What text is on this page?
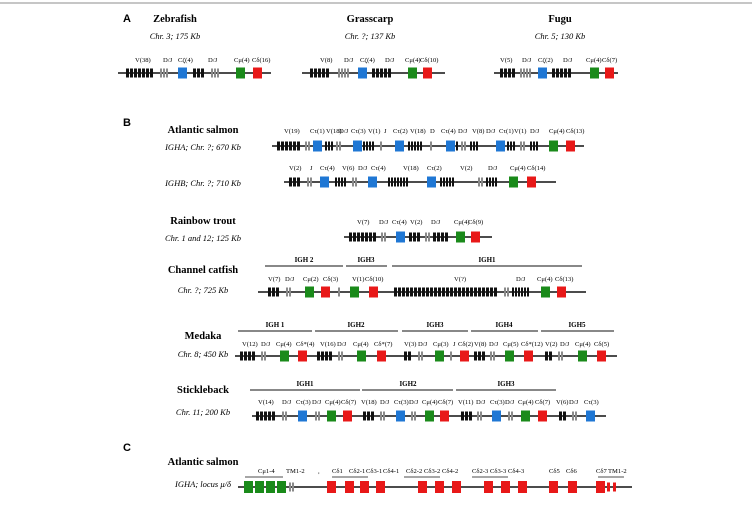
A
B
C
Zebrafish
Chr. 3; 175 Kb
V(38) D/J Cζ(4) D/J	Cμ(4) Cδ(16)
Grasscarp
Chr. ?; 137 Kb
V(8) D/J Cζ(4) D/J Cμ(4) Cδ(10)
Fugu
Chr. 5; 130 Kb
V(5) D/J Cζ(2) D/J Cμ(4) Cδ(7)
Atlantic salmon
IGHA; Chr. ?; 670 Kb
IGHB; Chr. ?; 710 Kb
V(19) Cτ(1) V(18)
D/J Cτ(3) V(1) J Cτ(2) V(18) D Cτ(4) D/J V(8) D/J Cτ(1) V(1) D/J Cμ(4) Cδ(13)
V(2) J Cτ(4) V(6) D/J Cτ(4)	V(18) Cτ(2)	V(2) D/J Cμ(4) Cδ(14)
Rainbow trout
Chr. 1 and 12; 125 Kb
V(7) D/J Cτ(4) V(2) D/J Cμ(4)
Cδ(9)
Channel catfish
Chr. ?; 725 Kb
IGH 2	IGH3	IGH1
V(7) D/J Cμ(2) Cδ(3) V(1) Cδ(10)	V(?)	D/J Cμ(4) Cδ(13)
Medaka
Chr. 8; 450 Kb
IGH 1	IGH2	IGH3	IGH4	IGH5
V(12) D/J Cμ(4) Cδ*(4) V(16) D/J Cμ(4) Cδ*(7) V(3) D/J Cμ(3) J Cδ(2) V(8) D/J Cμ(5) Cδ*(12) V(2) D/J Cμ(4) Cδ(5)
Stickleback
Chr. 11; 200 Kb
IGH1	IGH2	IGH3
V(14) D/J Cτ(3) D/J Cμ(4) Cδ(7) V(18) D/J Cτ(3) D/J Cμ(4) Cδ(7) V(11) D/J Cτ(3) D/J Cμ(4) Cδ(7) V(6) D/J Cτ(3)
Atlantic salmon
IGHA; locus μ/δ
Cμ1-4 TM1-2 , Cδ1 Cδ2-1 Cδ3-1 Cδ4-1 Cδ2-2 Cδ3-2 Cδ4-2 Cδ2-3 Cδ3-3 Cδ4-3	Cδ5 Cδ6	Cδ7 TM1-2
